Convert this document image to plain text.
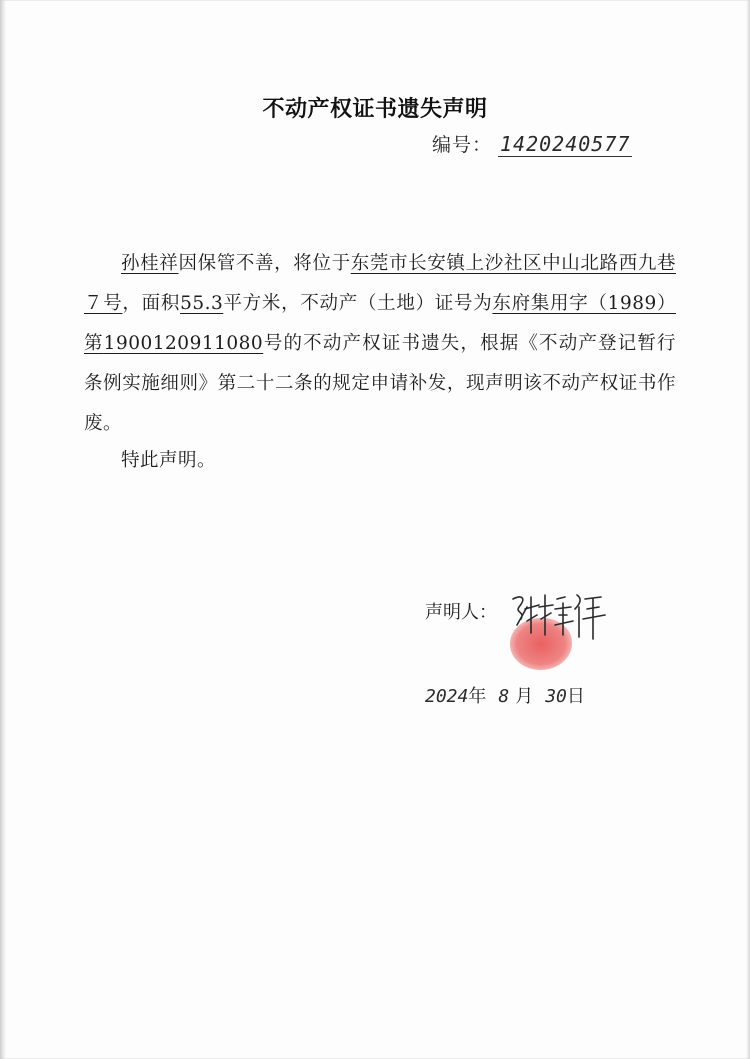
不动产权证书遗失声明
编号： 1420240577
孙桂祥因保管不善，将位于东莞市长安镇上沙社区中山北路西九巷７号，面积55.3平方米，不动产（土地）证号为东府集用字（1989）第1900120911080号的不动产权证书遗失，根据《不动产登记暂行条例实施细则》第二十二条的规定申请补发，现声明该不动产权证书作废。
特此声明。
声明人：
2024年 8 月 30日
